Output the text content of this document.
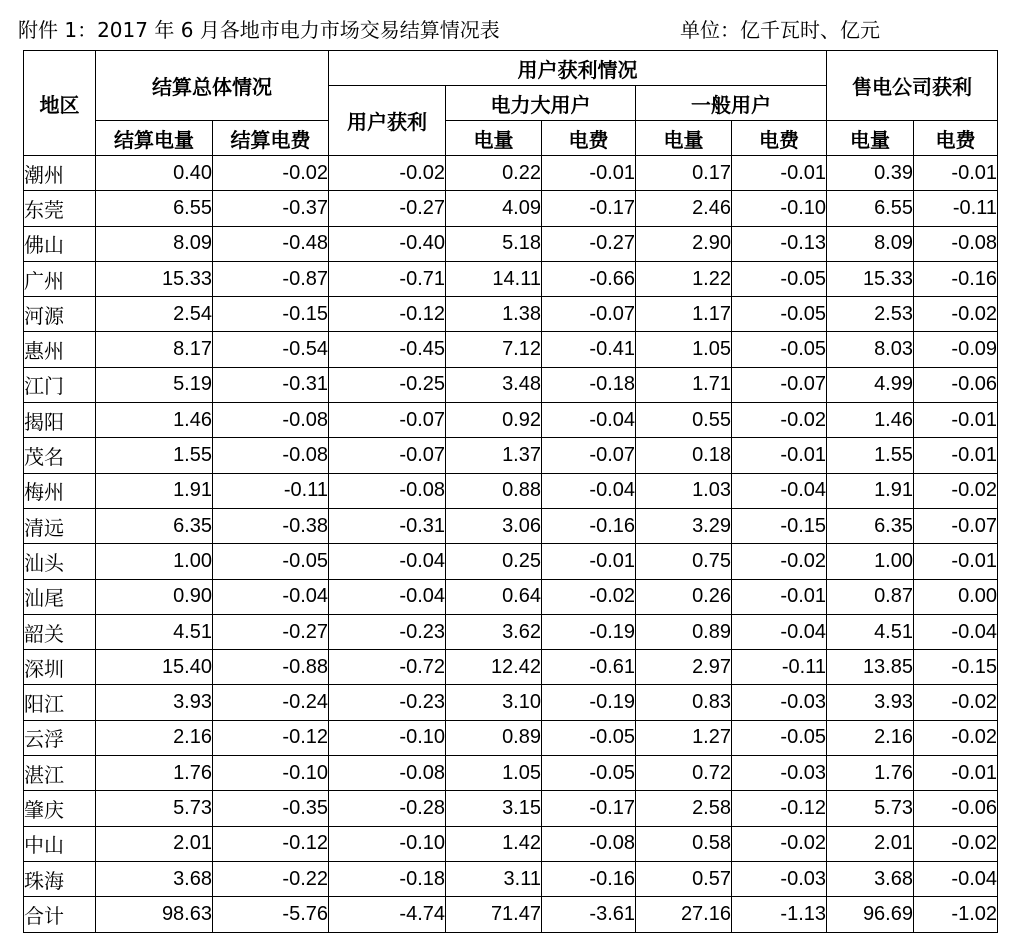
附件 1：2017 年 6 月各地市电力市场交易结算情况表	单位：亿千瓦时、亿元
地区	结算总体情况		用户获利情况					售电公司获利	
			用户获利	电力大用户		一般用户			
	结算电量	结算电费		电量	电费	电量	电费	电量	电费
潮州	0.40	-0.02	-0.02	0.22	-0.01	0.17	-0.01	0.39	-0.01
东莞	6.55	-0.37	-0.27	4.09	-0.17	2.46	-0.10	6.55	-0.11
佛山	8.09	-0.48	-0.40	5.18	-0.27	2.90	-0.13	8.09	-0.08
广州	15.33	-0.87	-0.71	14.11	-0.66	1.22	-0.05	15.33	-0.16
河源	2.54	-0.15	-0.12	1.38	-0.07	1.17	-0.05	2.53	-0.02
惠州	8.17	-0.54	-0.45	7.12	-0.41	1.05	-0.05	8.03	-0.09
江门	5.19	-0.31	-0.25	3.48	-0.18	1.71	-0.07	4.99	-0.06
揭阳	1.46	-0.08	-0.07	0.92	-0.04	0.55	-0.02	1.46	-0.01
茂名	1.55	-0.08	-0.07	1.37	-0.07	0.18	-0.01	1.55	-0.01
梅州	1.91	-0.11	-0.08	0.88	-0.04	1.03	-0.04	1.91	-0.02
清远	6.35	-0.38	-0.31	3.06	-0.16	3.29	-0.15	6.35	-0.07
汕头	1.00	-0.05	-0.04	0.25	-0.01	0.75	-0.02	1.00	-0.01
汕尾	0.90	-0.04	-0.04	0.64	-0.02	0.26	-0.01	0.87	0.00
韶关	4.51	-0.27	-0.23	3.62	-0.19	0.89	-0.04	4.51	-0.04
深圳	15.40	-0.88	-0.72	12.42	-0.61	2.97	-0.11	13.85	-0.15
阳江	3.93	-0.24	-0.23	3.10	-0.19	0.83	-0.03	3.93	-0.02
云浮	2.16	-0.12	-0.10	0.89	-0.05	1.27	-0.05	2.16	-0.02
湛江	1.76	-0.10	-0.08	1.05	-0.05	0.72	-0.03	1.76	-0.01
肇庆	5.73	-0.35	-0.28	3.15	-0.17	2.58	-0.12	5.73	-0.06
中山	2.01	-0.12	-0.10	1.42	-0.08	0.58	-0.02	2.01	-0.02
珠海	3.68	-0.22	-0.18	3.11	-0.16	0.57	-0.03	3.68	-0.04
合计	98.63	-5.76	-4.74	71.47	-3.61	27.16	-1.13	96.69	-1.02
